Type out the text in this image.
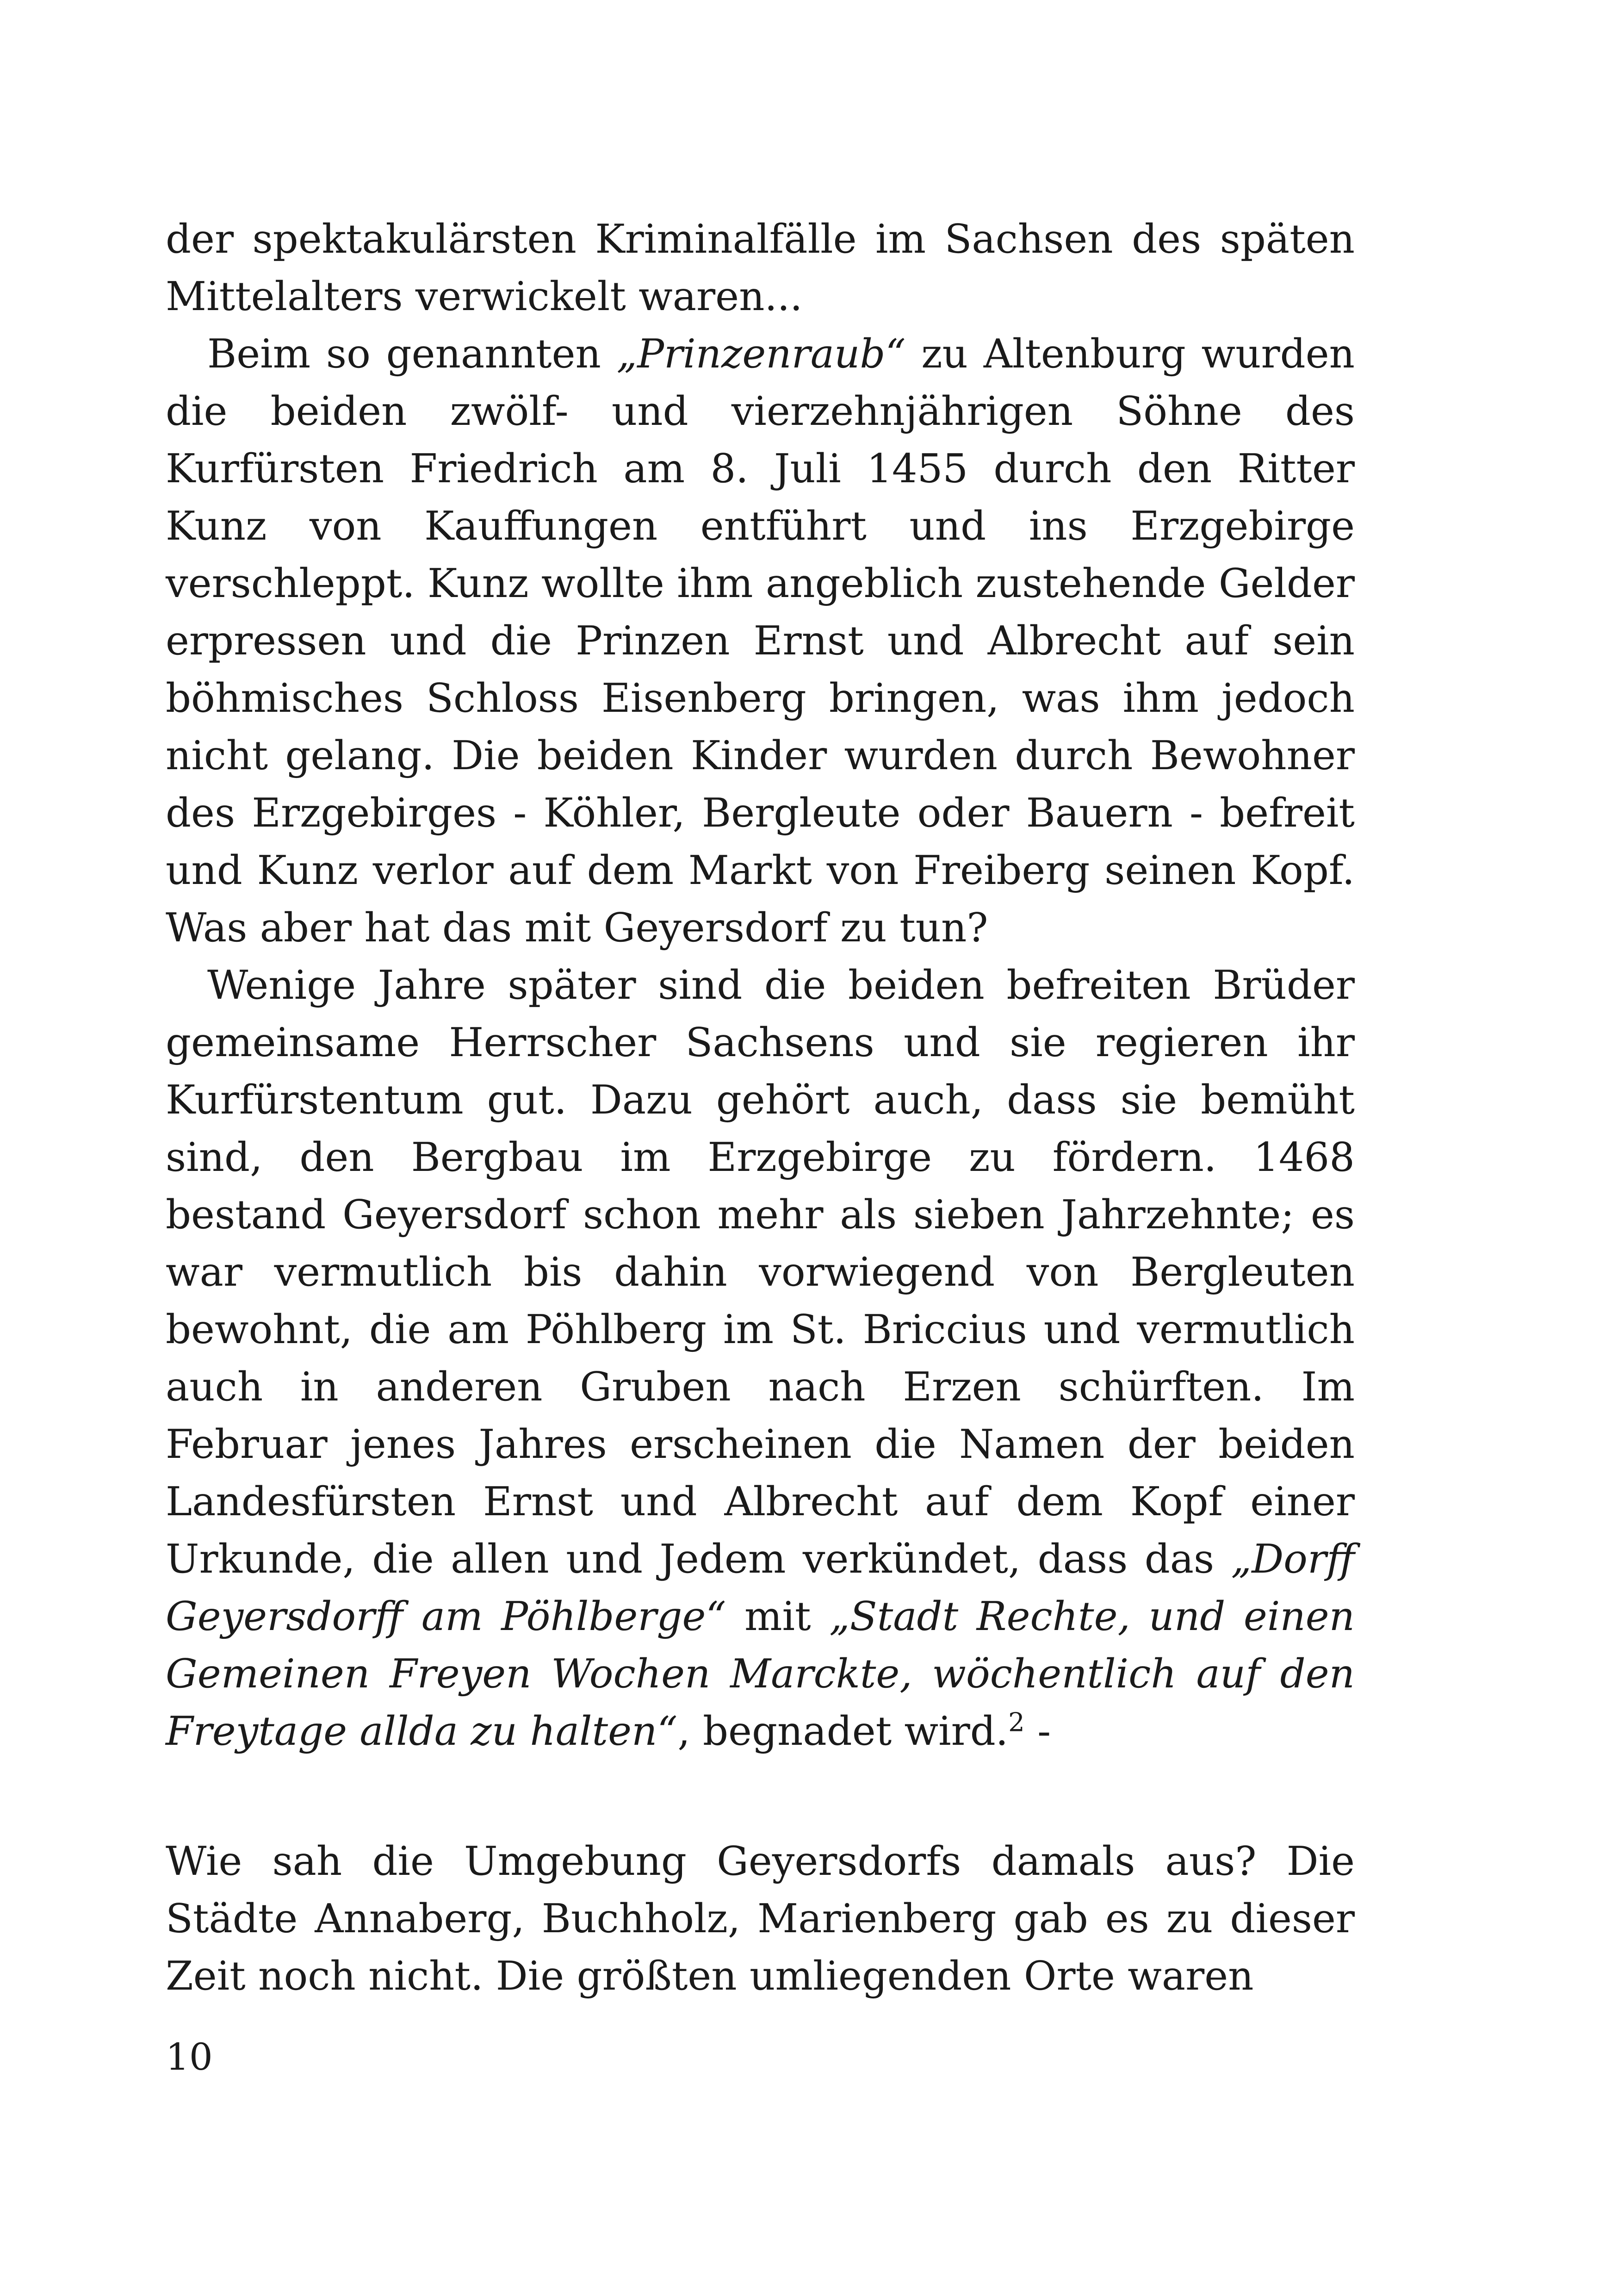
der spektakulärsten Kriminalfälle im Sachsen des späten Mittelalters verwickelt waren...

Beim so genannten „Prinzenraub“ zu Altenburg wurden die beiden zwölf- und vierzehnjährigen Söhne des Kurfürsten Friedrich am 8. Juli 1455 durch den Ritter Kunz von Kauffungen entführt und ins Erzgebirge verschleppt. Kunz wollte ihm angeblich zustehende Gelder erpressen und die Prinzen Ernst und Albrecht auf sein böhmisches Schloss Eisenberg bringen, was ihm jedoch nicht gelang. Die beiden Kinder wurden durch Bewohner des Erzgebirges - Köhler, Bergleute oder Bauern - befreit und Kunz verlor auf dem Markt von Freiberg seinen Kopf. Was aber hat das mit Geyersdorf zu tun?

Wenige Jahre später sind die beiden befreiten Brüder gemeinsame Herrscher Sachsens und sie regieren ihr Kurfürstentum gut. Dazu gehört auch, dass sie bemüht sind, den Bergbau im Erzgebirge zu fördern. 1468 bestand Geyersdorf schon mehr als sieben Jahrzehnte; es war vermutlich bis dahin vorwiegend von Bergleuten bewohnt, die am Pöhlberg im St. Briccius und vermutlich auch in anderen Gruben nach Erzen schürften. Im Februar jenes Jahres erscheinen die Namen der beiden Landesfürsten Ernst und Albrecht auf dem Kopf einer Urkunde, die allen und Jedem verkündet, dass das „Dorff Geyersdorff am Pöhlberge“ mit „Stadt Rechte, und einen Gemeinen Freyen Wochen Marckte, wöchentlich auf den Freytage allda zu halten“, begnadet wird.$^2$ -

Wie sah die Umgebung Geyersdorfs damals aus? Die Städte Annaberg, Buchholz, Marienberg gab es zu dieser Zeit noch nicht. Die größten umliegenden Orte waren

10
